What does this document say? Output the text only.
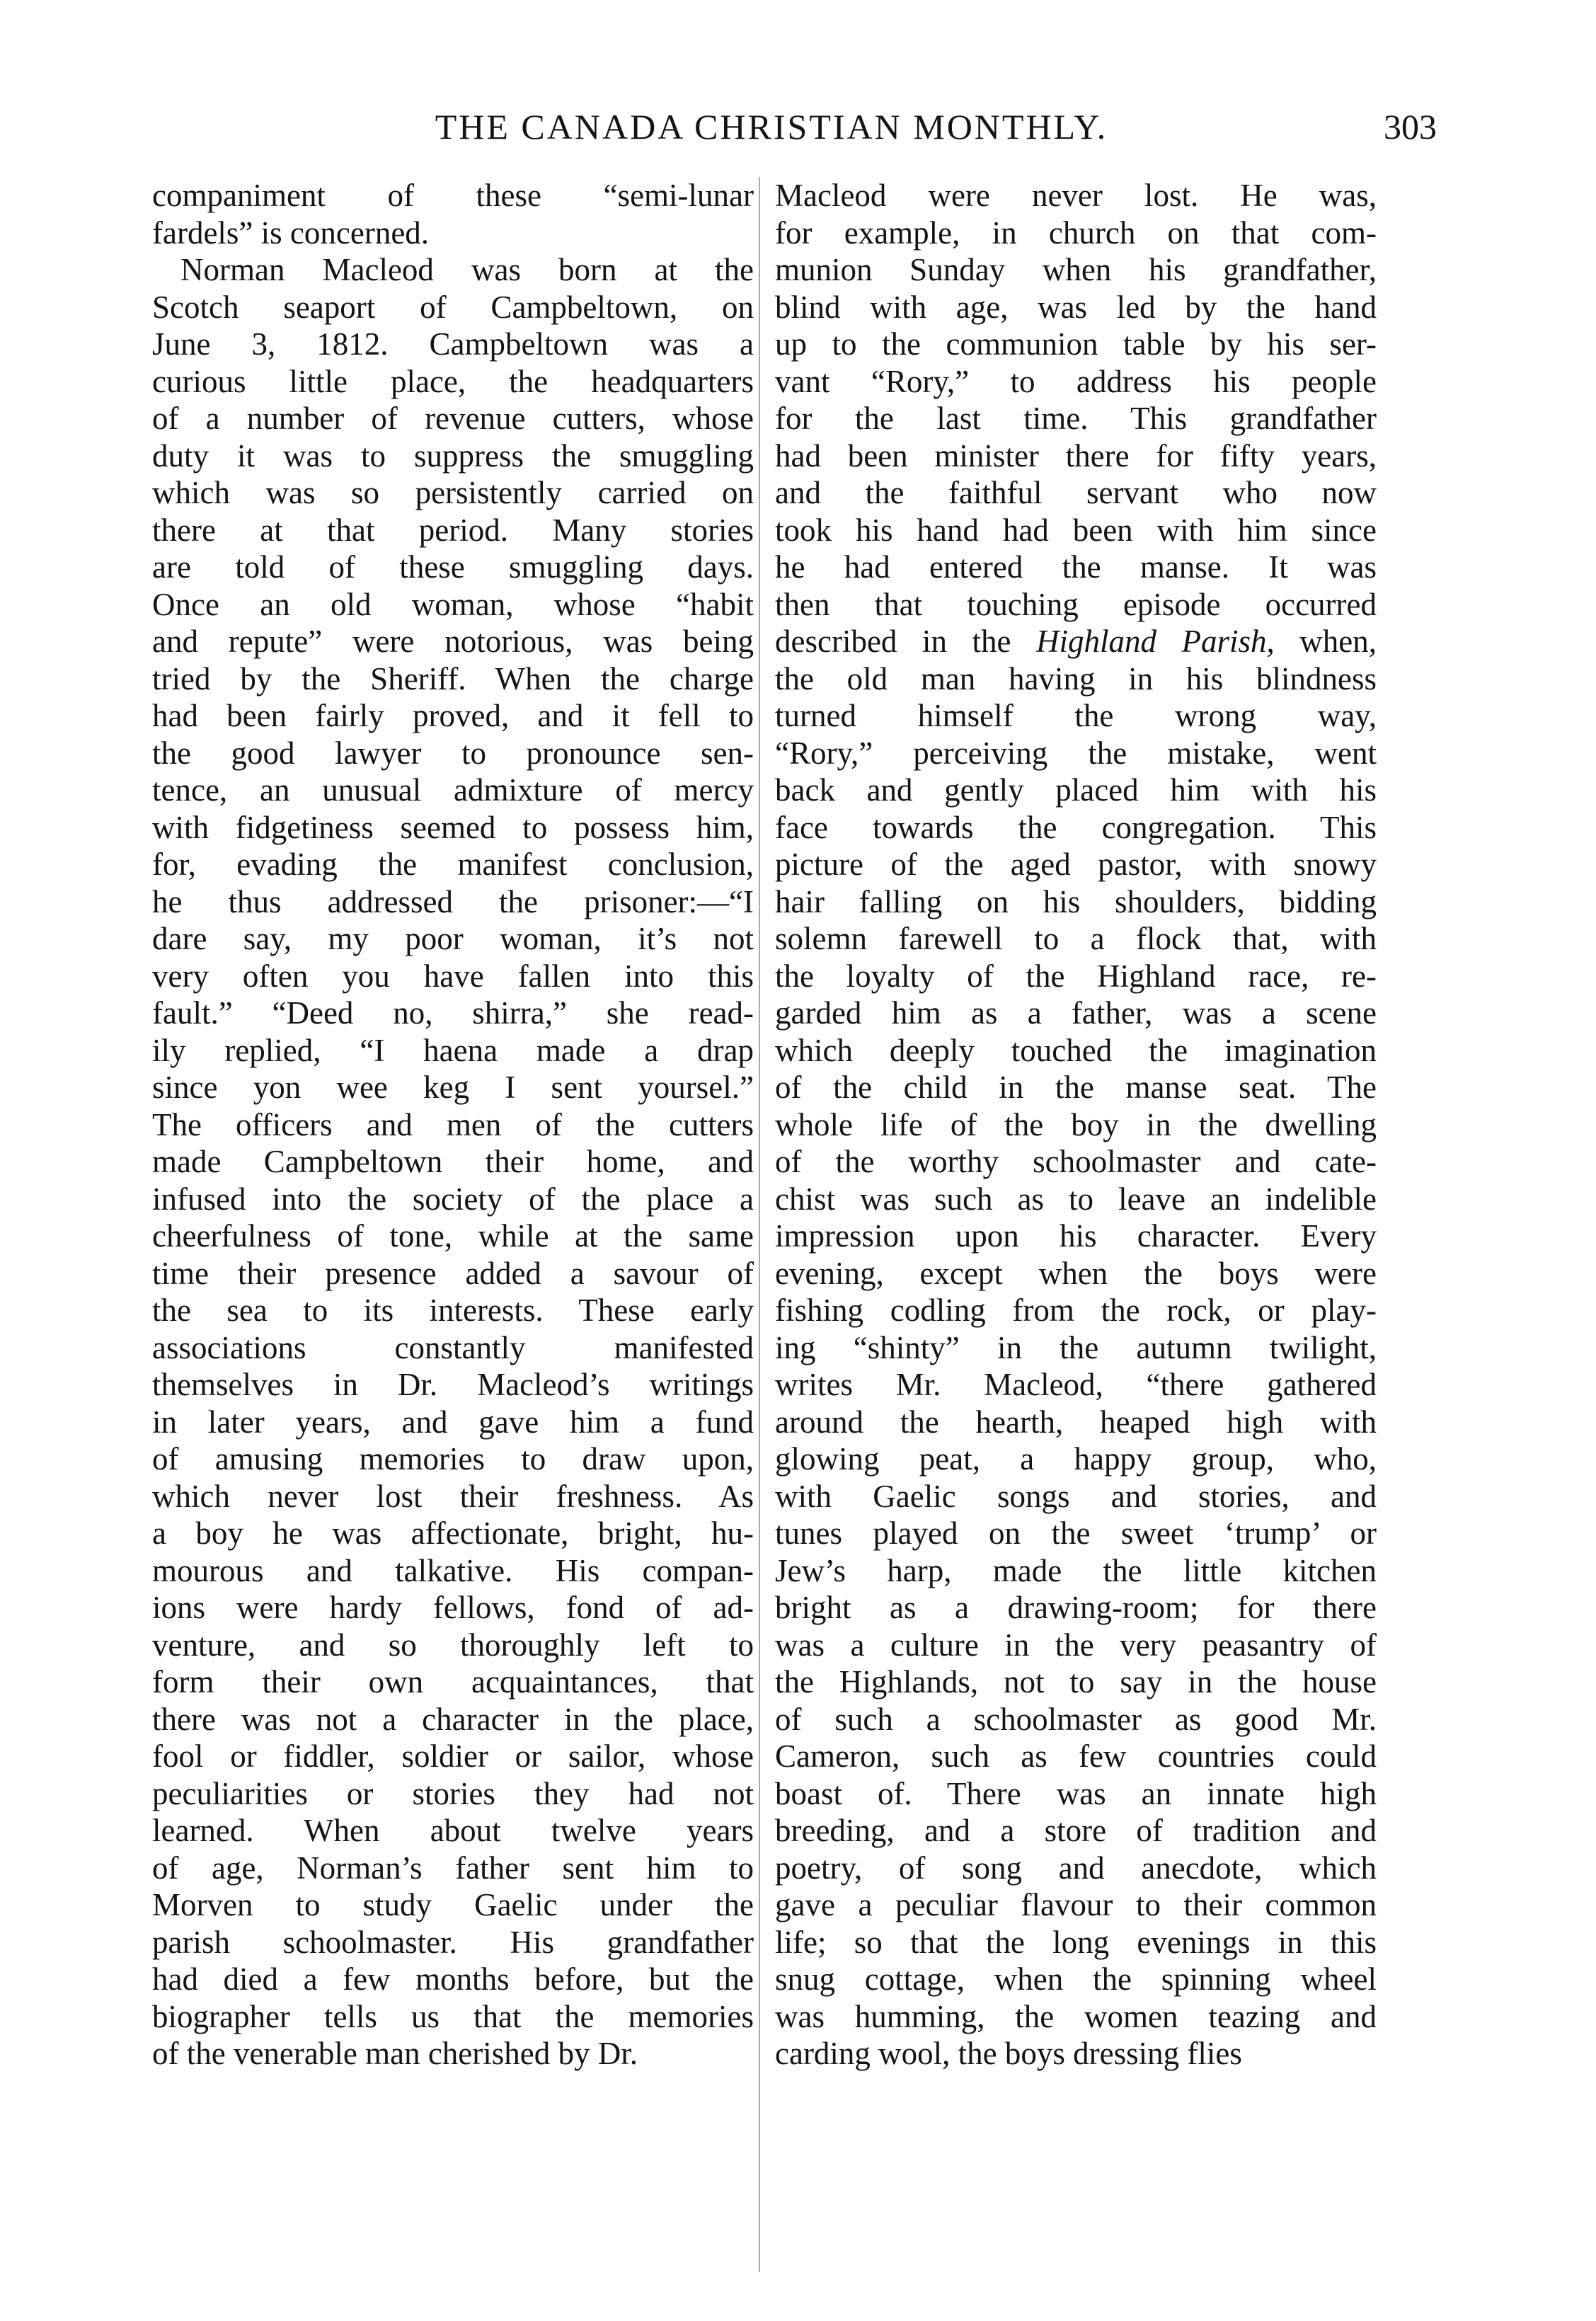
THE CANADA CHRISTIAN MONTHLY.	303
companiment of these “semi-lunar
fardels” is concerned.
Norman Macleod was born at the
Scotch seaport of Campbeltown, on
June 3, 1812. Campbeltown was a
curious little place, the headquarters
of a number of revenue cutters, whose
duty it was to suppress the smuggling
which was so persistently carried on
there at that period. Many stories
are told of these smuggling days.
Once an old woman, whose “habit
and repute” were notorious, was being
tried by the Sheriff. When the charge
had been fairly proved, and it fell to
the good lawyer to pronounce sen-
tence, an unusual admixture of mercy
with fidgetiness seemed to possess him,
for, evading the manifest conclusion,
he thus addressed the prisoner:—“I
dare say, my poor woman, it’s not
very often you have fallen into this
fault.” “Deed no, shirra,” she read-
ily replied, “I haena made a drap
since yon wee keg I sent yoursel.”
The officers and men of the cutters
made Campbeltown their home, and
infused into the society of the place a
cheerfulness of tone, while at the same
time their presence added a savour of
the sea to its interests. These early
associations constantly manifested
themselves in Dr. Macleod’s writings
in later years, and gave him a fund
of amusing memories to draw upon,
which never lost their freshness. As
a boy he was affectionate, bright, hu-
mourous and talkative. His compan-
ions were hardy fellows, fond of ad-
venture, and so thoroughly left to
form their own acquaintances, that
there was not a character in the place,
fool or fiddler, soldier or sailor, whose
peculiarities or stories they had not
learned. When about twelve years
of age, Norman’s father sent him to
Morven to study Gaelic under the
parish schoolmaster. His grandfather
had died a few months before, but the
biographer tells us that the memories
of the venerable man cherished by Dr.
Macleod were never lost. He was,
for example, in church on that com-
munion Sunday when his grandfather,
blind with age, was led by the hand
up to the communion table by his ser-
vant “Rory,” to address his people
for the last time. This grandfather
had been minister there for fifty years,
and the faithful servant who now
took his hand had been with him since
he had entered the manse. It was
then that touching episode occurred
described in the Highland Parish, when,
the old man having in his blindness
turned himself the wrong way,
“Rory,” perceiving the mistake, went
back and gently placed him with his
face towards the congregation. This
picture of the aged pastor, with snowy
hair falling on his shoulders, bidding
solemn farewell to a flock that, with
the loyalty of the Highland race, re-
garded him as a father, was a scene
which deeply touched the imagination
of the child in the manse seat. The
whole life of the boy in the dwelling
of the worthy schoolmaster and cate-
chist was such as to leave an indelible
impression upon his character. Every
evening, except when the boys were
fishing codling from the rock, or play-
ing “shinty” in the autumn twilight,
writes Mr. Macleod, “there gathered
around the hearth, heaped high with
glowing peat, a happy group, who,
with Gaelic songs and stories, and
tunes played on the sweet ‘trump’ or
Jew’s harp, made the little kitchen
bright as a drawing-room; for there
was a culture in the very peasantry of
the Highlands, not to say in the house
of such a schoolmaster as good Mr.
Cameron, such as few countries could
boast of. There was an innate high
breeding, and a store of tradition and
poetry, of song and anecdote, which
gave a peculiar flavour to their common
life; so that the long evenings in this
snug cottage, when the spinning wheel
was humming, the women teazing and
carding wool, the boys dressing flies
